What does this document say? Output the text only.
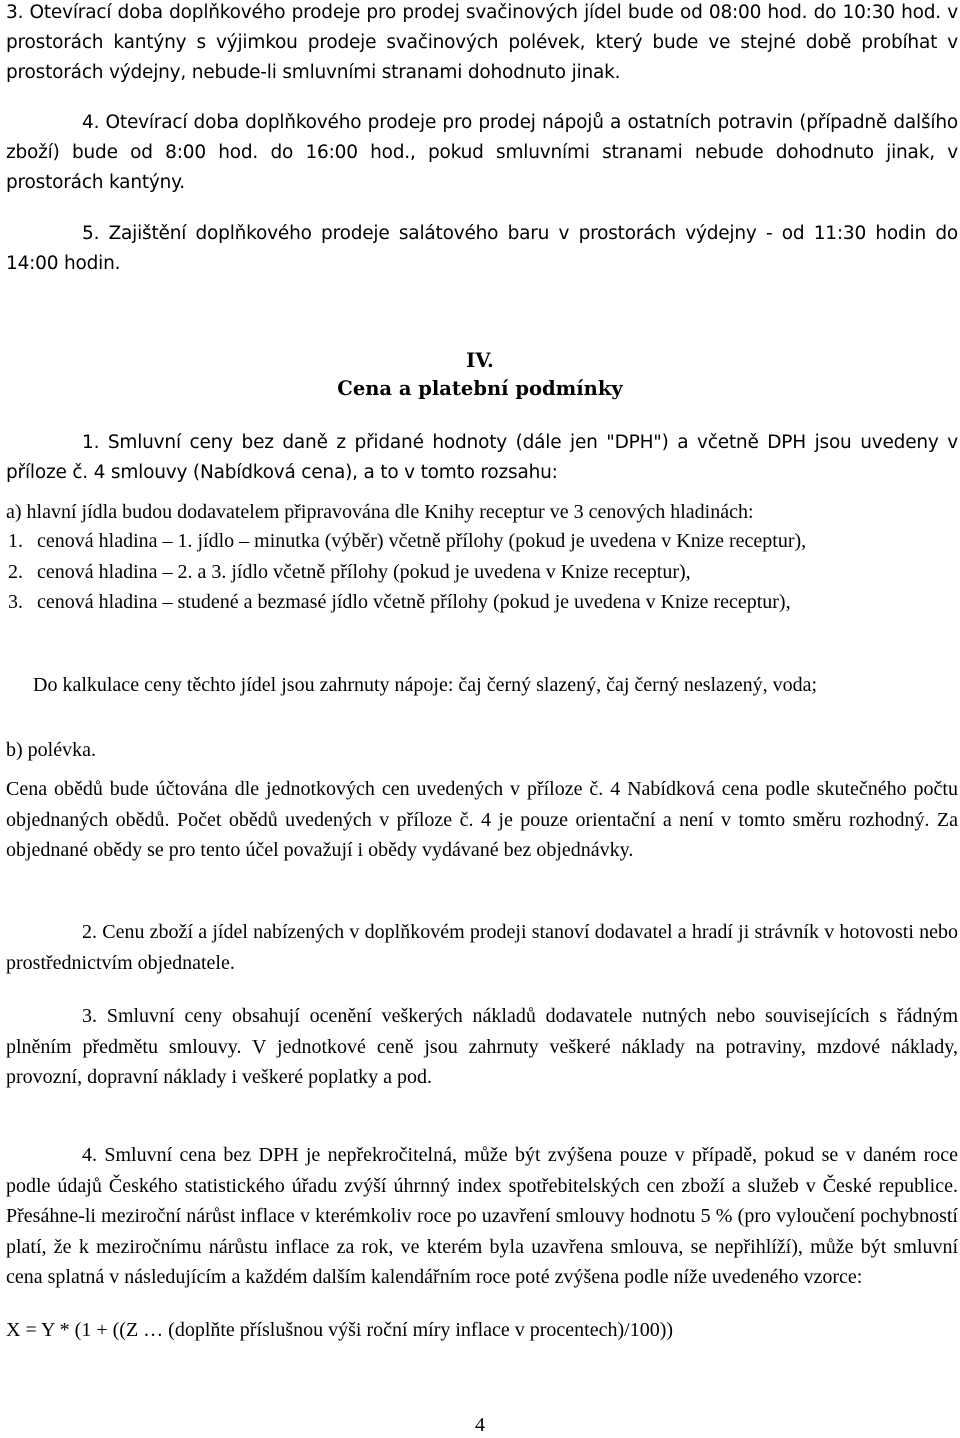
3. Otevírací doba doplňkového prodeje pro prodej svačinových jídel bude od 08:00 hod. do 10:30 hod. v prostorách kantýny s výjimkou prodeje svačinových polévek, který bude ve stejné době probíhat v prostorách výdejny, nebude-li smluvními stranami dohodnuto jinak.

4. Otevírací doba doplňkového prodeje pro prodej nápojů a ostatních potravin (případně dalšího zboží) bude od 8:00 hod. do 16:00 hod., pokud smluvními stranami nebude dohodnuto jinak, v prostorách kantýny.

5. Zajištění doplňkového prodeje salátového baru v prostorách výdejny - od 11:30 hodin do 14:00 hodin.

IV.

Cena a platební podmínky

1. Smluvní ceny bez daně z přidané hodnoty (dále jen "DPH") a včetně DPH jsou uvedeny v příloze č. 4 smlouvy (Nabídková cena), a to v tomto rozsahu:

a) hlavní jídla budou dodavatelem připravována dle Knihy receptur ve 3 cenových hladinách:

1. cenová hladina – 1. jídlo – minutka (výběr) včetně přílohy (pokud je uvedena v Knize receptur),
2. cenová hladina – 2. a 3. jídlo včetně přílohy (pokud je uvedena v Knize receptur),
3. cenová hladina – studené a bezmasé jídlo včetně přílohy (pokud je uvedena v Knize receptur),

Do kalkulace ceny těchto jídel jsou zahrnuty nápoje: čaj černý slazený, čaj černý neslazený, voda;

b) polévka.

Cena obědů bude účtována dle jednotkových cen uvedených v příloze č. 4 Nabídková cena podle skutečného počtu objednaných obědů. Počet obědů uvedených v příloze č. 4 je pouze orientační a není v tomto směru rozhodný. Za objednané obědy se pro tento účel považují i obědy vydávané bez objednávky.

2. Cenu zboží a jídel nabízených v doplňkovém prodeji stanoví dodavatel a hradí ji strávník v hotovosti nebo prostřednictvím objednatele.

3. Smluvní ceny obsahují ocenění veškerých nákladů dodavatele nutných nebo souvisejících s řádným plněním předmětu smlouvy. V jednotkové ceně jsou zahrnuty veškeré náklady na potraviny, mzdové náklady, provozní, dopravní náklady i veškeré poplatky a pod.

4. Smluvní cena bez DPH je nepřekročitelná, může být zvýšena pouze v případě, pokud se v daném roce podle údajů Českého statistického úřadu zvýší úhrnný index spotřebitelských cen zboží a služeb v České republice. Přesáhne-li meziroční nárůst inflace v kterémkoliv roce po uzavření smlouvy hodnotu 5 % (pro vyloučení pochybností platí, že k meziročnímu nárůstu inflace za rok, ve kterém byla uzavřena smlouva, se nepřihlíží), může být smluvní cena splatná v následujícím a každém dalším kalendářním roce poté zvýšena podle níže uvedeného vzorce:

X = Y * (1 + ((Z … (doplňte příslušnou výši roční míry inflace v procentech)/100))

4
